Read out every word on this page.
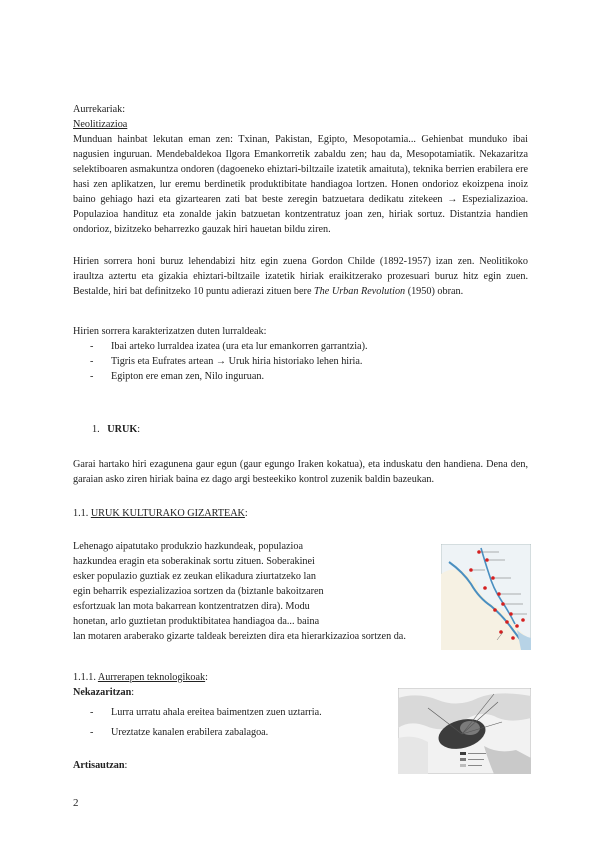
Aurrekariak:

Neolitizazioa

Munduan hainbat lekutan eman zen: Txinan, Pakistan, Egipto, Mesopotamia... Gehienbat munduko ibai nagusien inguruan. Mendebaldekoa Ilgora Emankorretik zabaldu zen; hau da, Mesopotamiatik. Nekazaritza selektiboaren asmakuntza ondoren (dagoeneko ehiztari-biltzaile izatetik amaituta), teknika berrien erabilera ere hasi zen aplikatzen, lur eremu berdinetik produktibitate handiagoa lortzen. Honen ondorioz ekoizpena inoiz baino gehiago hazi eta gizartearen zati bat beste zeregin batzuetara dedikatu zitekeen → Espezializazioa. Populazioa handituz eta zonalde jakin batzuetan kontzentratuz joan zen, hiriak sortuz. Distantzia handien ondorioz, bizitzeko beharrezko gauzak hiri hauetan bildu ziren.

Hirien sorrera honi buruz lehendabizi hitz egin zuena Gordon Childe (1892-1957) izan zen. Neolitikoko iraultza aztertu eta gizakia ehiztari-biltzaile izatetik hiriak eraikitzerako prozesuari buruz hitz egin zuen. Bestalde, hiri bat definitzeko 10 puntu adierazi zituen bere The Urban Revolution (1950) obran.

Hirien sorrera karakterizatzen duten lurraldeak:

- Ibai arteko lurraldea izatea (ura eta lur emankorren garrantzia).
- Tigris eta Eufrates artean → Uruk hiria historiako lehen hiria.
- Egipton ere eman zen, Nilo inguruan.

1. URUK:

Garai hartako hiri ezagunena gaur egun (gaur egungo Iraken kokatua), eta induskatu den handiena. Dena den, garaian asko ziren hiriak baina ez dago argi besteekiko kontrol zuzenik baldin bazeukan.

1.1. URUK KULTURAKO GIZARTEAK:

Lehenago aipatutako produkzio hazkundeak, populazioa
hazkundea eragin eta soberakinak sortu zituen. Soberakinei
esker populazio guztiak ez zeukan elikadura ziurtatzeko lan
egin beharrik espezializazioa sortzen da (biztanle bakoitzaren
esfortzuak lan mota bakarrean kontzentratzen dira). Modu
honetan, arlo guztietan produktibitatea handiagoa da... baina
lan motaren araberako gizarte taldeak bereizten dira eta hierarkizazioa sortzen da.

1.1.1. Aurrerapen teknologikoak:

Nekazaritzan:

- Lurra urratu ahala ereitea baimentzen zuen uztarria.
- Ureztatze kanalen erabilera zabalagoa.

Artisautzan:

2
